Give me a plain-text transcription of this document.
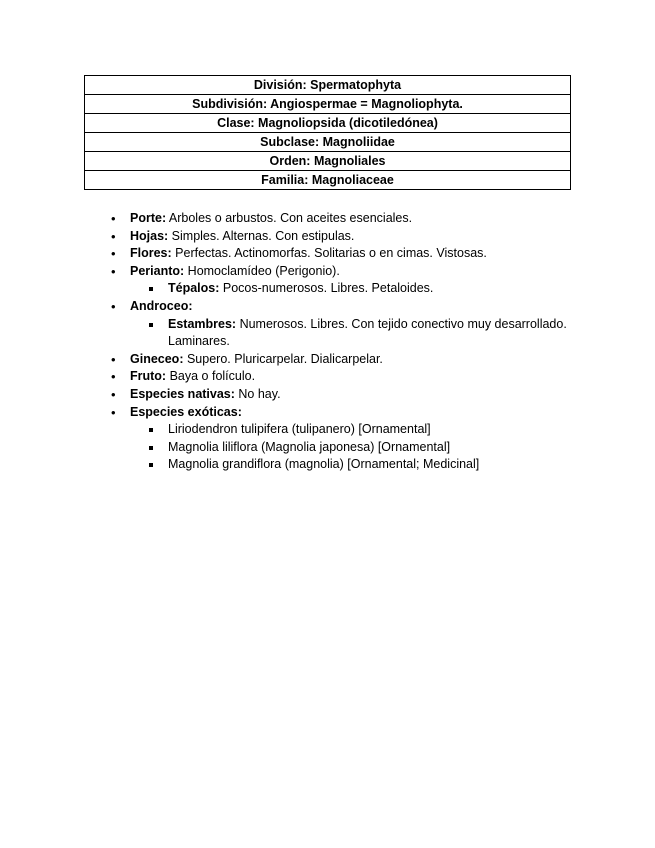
División: Spermatophyta
Subdivisión: Angiospermae = Magnoliophyta.
Clase: Magnoliopsida (dicotiledónea)
Subclase: Magnoliidae
Orden: Magnoliales
Familia: Magnoliaceae
• Porte: Arboles o arbustos. Con aceites esenciales.
• Hojas: Simples. Alternas. Con estipulas.
• Flores: Perfectas. Actinomorfas. Solitarias o en cimas. Vistosas.
• Perianto: Homoclamídeo (Perigonio).
Tépalos: Pocos-numerosos. Libres. Petaloides.
• Androceo:
Estambres: Numerosos. Libres. Con tejido conectivo muy desarrollado. Laminares.
• Gineceo: Supero. Pluricarpelar. Dialicarpelar.
• Fruto: Baya o folículo.
• Especies nativas: No hay.
• Especies exóticas:
Liriodendron tulipifera (tulipanero) [Ornamental]
Magnolia liliflora (Magnolia japonesa) [Ornamental]
Magnolia grandiflora (magnolia) [Ornamental; Medicinal]
